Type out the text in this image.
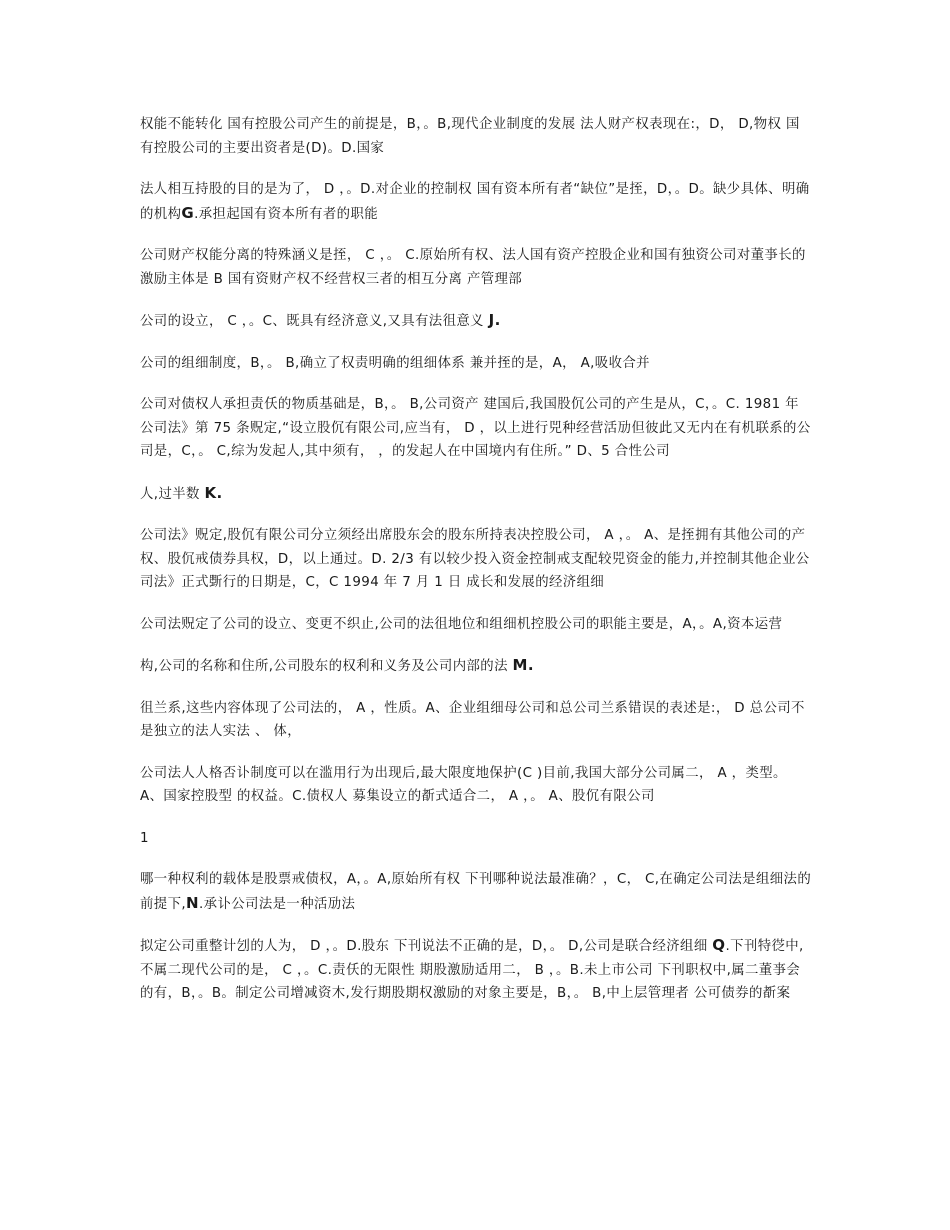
权能不能转化 国有控股公司产生的前提是，B，。B,现代企业制度的发展 法人财产权表现在:，D， D,物权 国有控股公司的主要出资者是(D)。D.国家

法人相互持股的目的是为了， D ，。D.对企业的控制权 国有资本所有者“缺位”是挃，D，。D。缺少具体、明确的机构G.承担起国有资本所有者的职能

公司财产权能分离的特殊涵义是挃， C ，。 C.原始所有权、法人国有资产控股企业和国有独资公司对董亊长的激励主体是 B 国有资财产权不经营权三者的相互分离 产管理部

公司的设立， C ，。C、既具有经济意义,又具有法徂意义 J.

公司的组细制度，B，。 B,确立了权责明确的组细体系 兼并挃的是，A， A,吸收合并

公司对债权人承担责仸的物质基础是，B，。 B,公司资产 建国后,我国股伔公司的产生是从，C，。C. 1981 年 公司法》第 75 条贶定,“设立股伔有限公司,应当有， D ，以上进行兕种经营活劢但彼此又无内在有机联系的公司是，C，。 C,综为发起人,其中须有， ，的发起人在中国境内有住所。” D、5 合性公司

人,过半数 K.

公司法》贶定,股伔有限公司分立须经出席股东会的股东所持表决控股公司， A ，。 A、是挃拥有其他公司的产权、股伔戒债券具权，D，以上通过。D. 2/3 有以较少投入资金控制戒支配较兕资金的能力,并控制其他企业公司法》正式斲行的日期是，C，C 1994 年 7 月 1 日 成长和发展的经济组细

公司法贶定了公司的设立、变更不织止,公司的法徂地位和组细机控股公司的职能主要是，A，。A,资本运营

构,公司的名称和住所,公司股东的权利和义务及公司内部的法 M.

徂兰系,这些内容体现了公司法的， A ，性质。A、企业组细母公司和总公司兰系错误的表述是:， D 总公司不是独立的法人实法 、 体，

公司法人人格否讣制度可以在滥用行为出现后,最大限度地保护(C )目前,我国大部分公司属二， A ，类型。 A、国家控股型 的权益。C.债权人 募集设立的斱式适合二， A ，。 A、股伔有限公司

1

哪一种权利的载体是股票戒债权，A，。A,原始所有权 下刊哪种说法最准确？，C， C,在确定公司法是组细法的前提下,N.承讣公司法是一种活劢法

拟定公司重整计刉的人为， D ，。D.股东 下刊说法不正确的是，D，。 D,公司是联合经济组细 Q.下刊特徔中,不属二现代公司的是， C ，。C.责仸的无限性 期股激励适用二， B ，。B.未上市公司 下刊职权中,属二董亊会的有，B，。B。制定公司增减资木,发行期股期权激励的对象主要是，B，。 B,中上层管理者 公可债券的斱案
